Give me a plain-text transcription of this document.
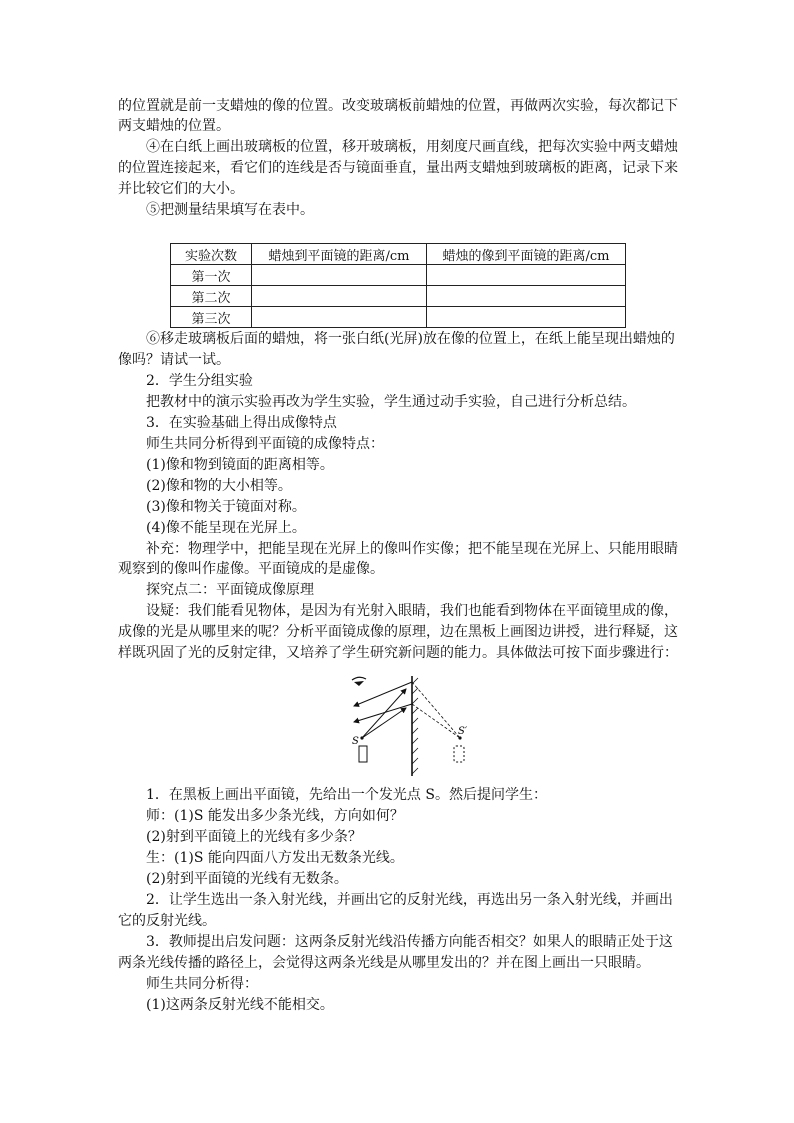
的位置就是前一支蜡烛的像的位置。改变玻璃板前蜡烛的位置，再做两次实验，每次都记下
两支蜡烛的位置。
④在白纸上画出玻璃板的位置，移开玻璃板，用刻度尺画直线，把每次实验中两支蜡烛
的位置连接起来，看它们的连线是否与镜面垂直，量出两支蜡烛到玻璃板的距离，记录下来
并比较它们的大小。
⑤把测量结果填写在表中。
实验次数	蜡烛到平面镜的距离/cm	蜡烛的像到平面镜的距离/cm
第一次		
第二次		
第三次		
⑥移走玻璃板后面的蜡烛，将一张白纸(光屏)放在像的位置上，在纸上能呈现出蜡烛的
像吗？请试一试。
2．学生分组实验
把教材中的演示实验再改为学生实验，学生通过动手实验，自己进行分析总结。
3．在实验基础上得出成像特点
师生共同分析得到平面镜的成像特点：
(1)像和物到镜面的距离相等。
(2)像和物的大小相等。
(3)像和物关于镜面对称。
(4)像不能呈现在光屏上。
补充：物理学中，把能呈现在光屏上的像叫作实像；把不能呈现在光屏上、只能用眼睛
观察到的像叫作虚像。平面镜成的是虚像。
探究点二：平面镜成像原理
设疑：我们能看见物体，是因为有光射入眼睛，我们也能看到物体在平面镜里成的像，
成像的光是从哪里来的呢？分析平面镜成像的原理，边在黑板上画图边讲授，进行释疑，这
样既巩固了光的反射定律，又培养了学生研究新问题的能力。具体做法可按下面步骤进行：
S
S′
1．在黑板上画出平面镜，先给出一个发光点 S。然后提问学生：
师：(1)S 能发出多少条光线，方向如何？
(2)射到平面镜上的光线有多少条？
生：(1)S 能向四面八方发出无数条光线。
(2)射到平面镜的光线有无数条。
2．让学生选出一条入射光线，并画出它的反射光线，再选出另一条入射光线，并画出
它的反射光线。
3．教师提出启发问题：这两条反射光线沿传播方向能否相交？如果人的眼睛正处于这
两条光线传播的路径上，会觉得这两条光线是从哪里发出的？并在图上画出一只眼睛。
师生共同分析得：
(1)这两条反射光线不能相交。
